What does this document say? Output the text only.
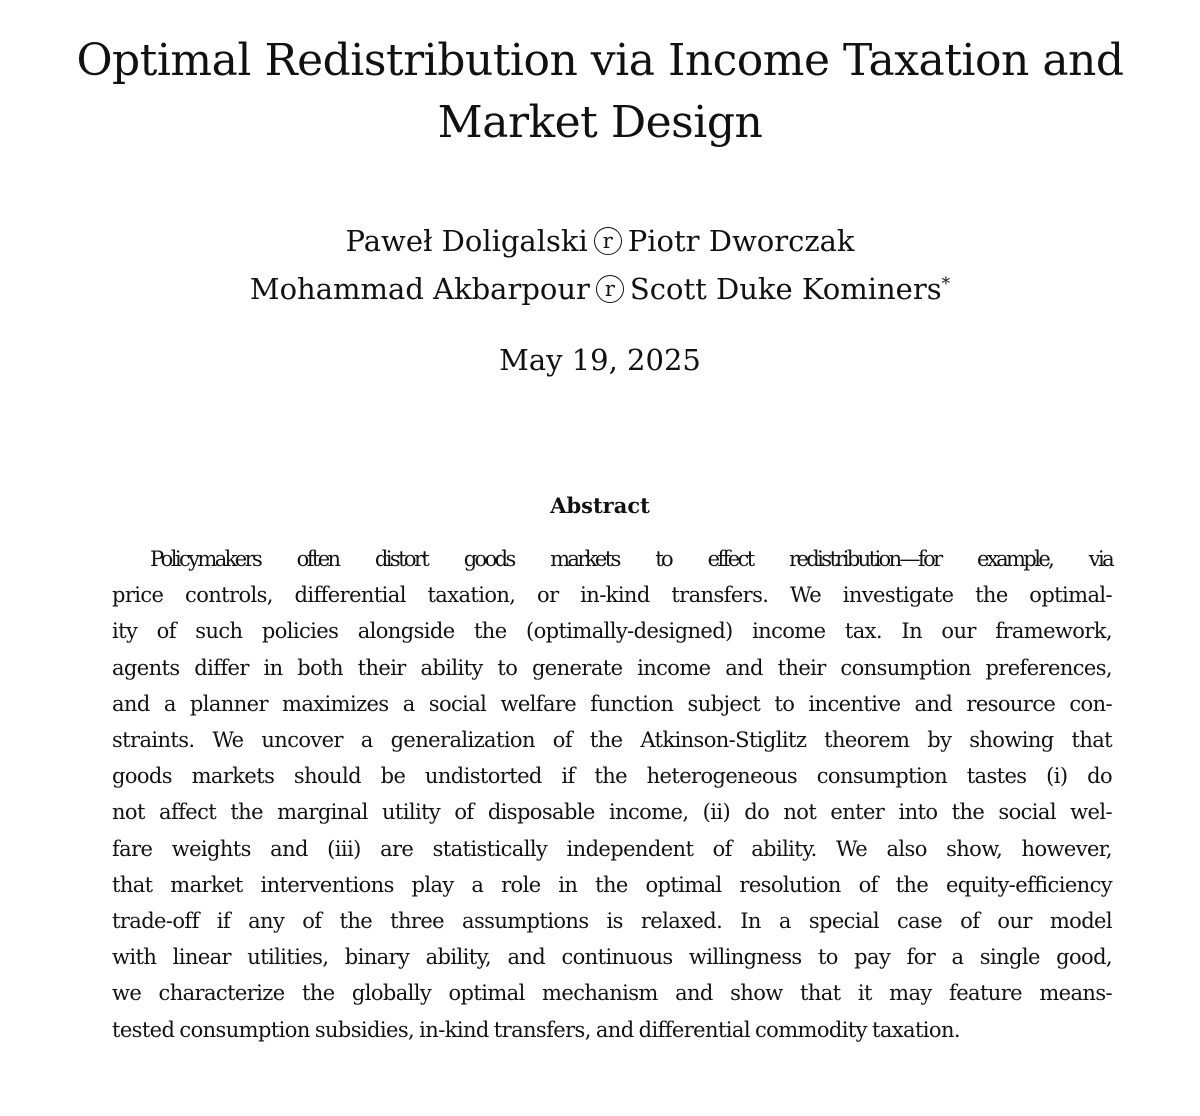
Optimal Redistribution via Income Taxation and
Market Design
Paweł Doligalski r Piotr Dworczak
Mohammad Akbarpour r Scott Duke Kominers*
May 19, 2025
Abstract
Policymakers often distort goods markets to effect redistribution—for example, via
price controls, differential taxation, or in-kind transfers. We investigate the optimal-
ity of such policies alongside the (optimally-designed) income tax. In our framework,
agents differ in both their ability to generate income and their consumption preferences,
and a planner maximizes a social welfare function subject to incentive and resource con-
straints. We uncover a generalization of the Atkinson-Stiglitz theorem by showing that
goods markets should be undistorted if the heterogeneous consumption tastes (i) do
not affect the marginal utility of disposable income, (ii) do not enter into the social wel-
fare weights and (iii) are statistically independent of ability. We also show, however,
that market interventions play a role in the optimal resolution of the equity-efficiency
trade-off if any of the three assumptions is relaxed. In a special case of our model
with linear utilities, binary ability, and continuous willingness to pay for a single good,
we characterize the globally optimal mechanism and show that it may feature means-
tested consumption subsidies, in-kind transfers, and differential commodity taxation.
